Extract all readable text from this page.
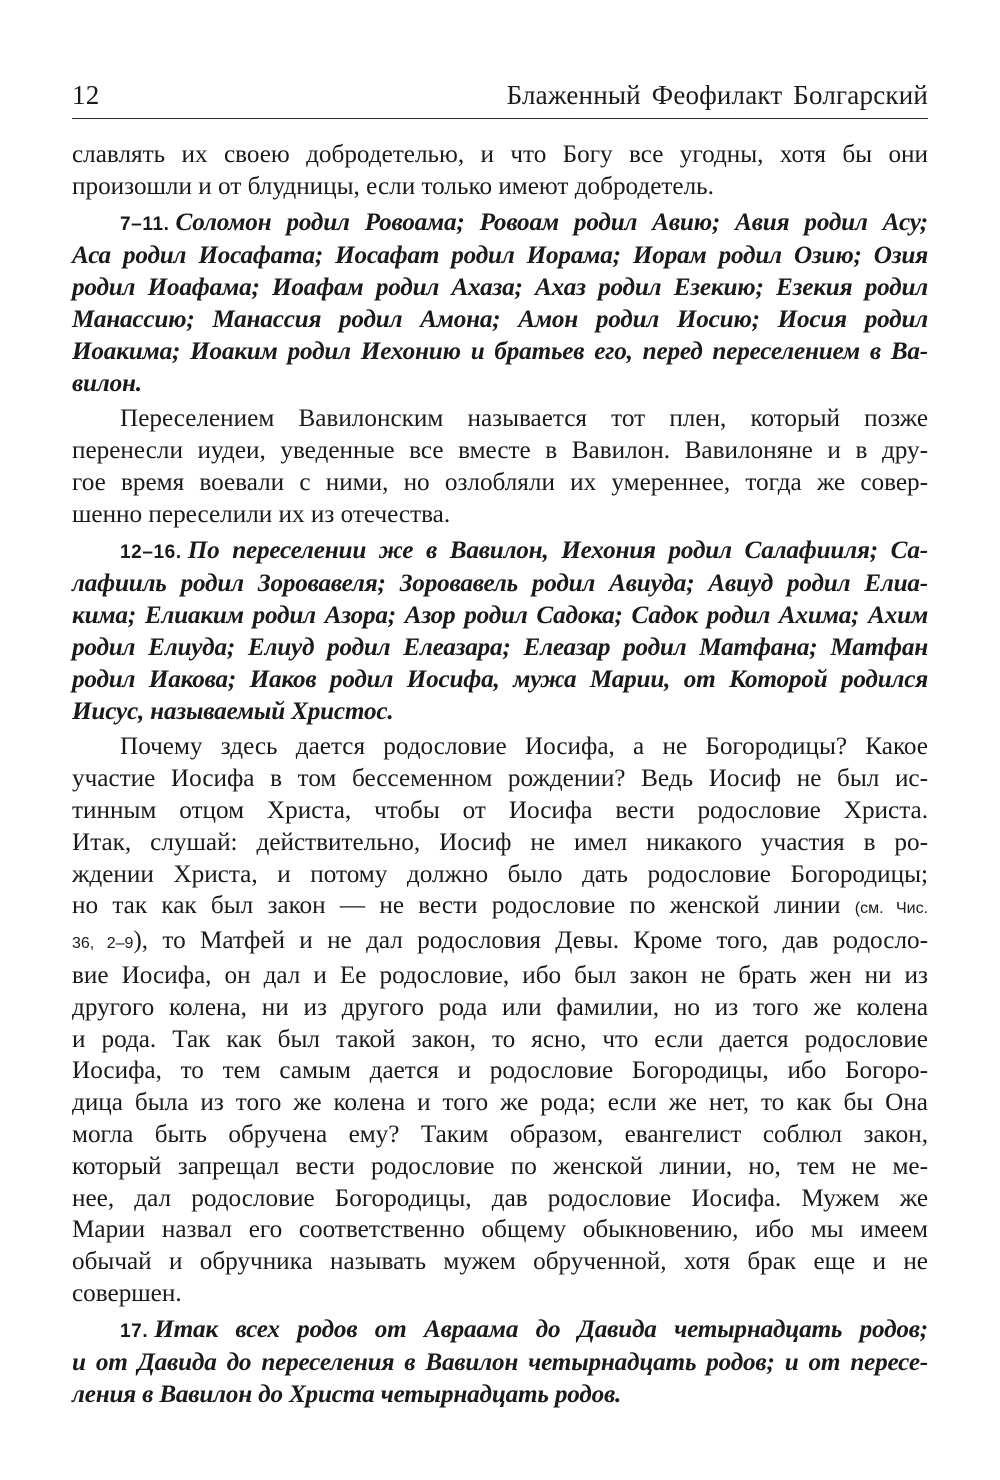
12	Блаженный Феофилакт Болгарский

славлять их своею добродетелью, и что Богу все угодны, хотя бы они
произошли и от блудницы, если только имеют добродетель.

7–11. Соломон родил Ровоама; Ровоам родил Авию; Авия родил Асу;
Аса родил Иосафата; Иосафат родил Иорама; Иорам родил Озию; Озия
родил Иоафама; Иоафам родил Ахаза; Ахаз родил Езекию; Езекия родил
Манассию; Манассия родил Амона; Амон родил Иосию; Иосия родил
Иоакима; Иоаким родил Иехонию и братьев его, перед переселением в Ва-
вилон.

Переселением Вавилонским называется тот плен, который позже
перенесли иудеи, уведенные все вместе в Вавилон. Вавилоняне и в дру-
гое время воевали с ними, но озлобляли их умереннее, тогда же совер-
шенно переселили их из отечества.

12–16. По переселении же в Вавилон, Иехония родил Салафииля; Са-
лафииль родил Зоровавеля; Зоровавель родил Авиуда; Авиуд родил Елиа-
кима; Елиаким родил Азора; Азор родил Садока; Садок родил Ахима; Ахим
родил Елиуда; Елиуд родил Елеазара; Елеазар родил Матфана; Матфан
родил Иакова; Иаков родил Иосифа, мужа Марии, от Которой родился
Иисус, называемый Христос.

Почему здесь дается родословие Иосифа, а не Богородицы? Какое
участие Иосифа в том бессеменном рождении? Ведь Иосиф не был ис-
тинным отцом Христа, чтобы от Иосифа вести родословие Христа.
Итак, слушай: действительно, Иосиф не имел никакого участия в ро-
ждении Христа, и потому должно было дать родословие Богородицы;
но так как был закон — не вести родословие по женской линии (см. Чис.
36, 2–9), то Матфей и не дал родословия Девы. Кроме того, дав родосло-
вие Иосифа, он дал и Ее родословие, ибо был закон не брать жен ни из
другого колена, ни из другого рода или фамилии, но из того же колена
и рода. Так как был такой закон, то ясно, что если дается родословие
Иосифа, то тем самым дается и родословие Богородицы, ибо Богоро-
дица была из того же колена и того же рода; если же нет, то как бы Она
могла быть обручена ему? Таким образом, евангелист соблюл закон,
который запрещал вести родословие по женской линии, но, тем не ме-
нее, дал родословие Богородицы, дав родословие Иосифа. Мужем же
Марии назвал его соответственно общему обыкновению, ибо мы имеем
обычай и обручника называть мужем обрученной, хотя брак еще и не
совершен.

17. Итак всех родов от Авраама до Давида четырнадцать родов;
и от Давида до переселения в Вавилон четырнадцать родов; и от пересе-
ления в Вавилон до Христа четырнадцать родов.
